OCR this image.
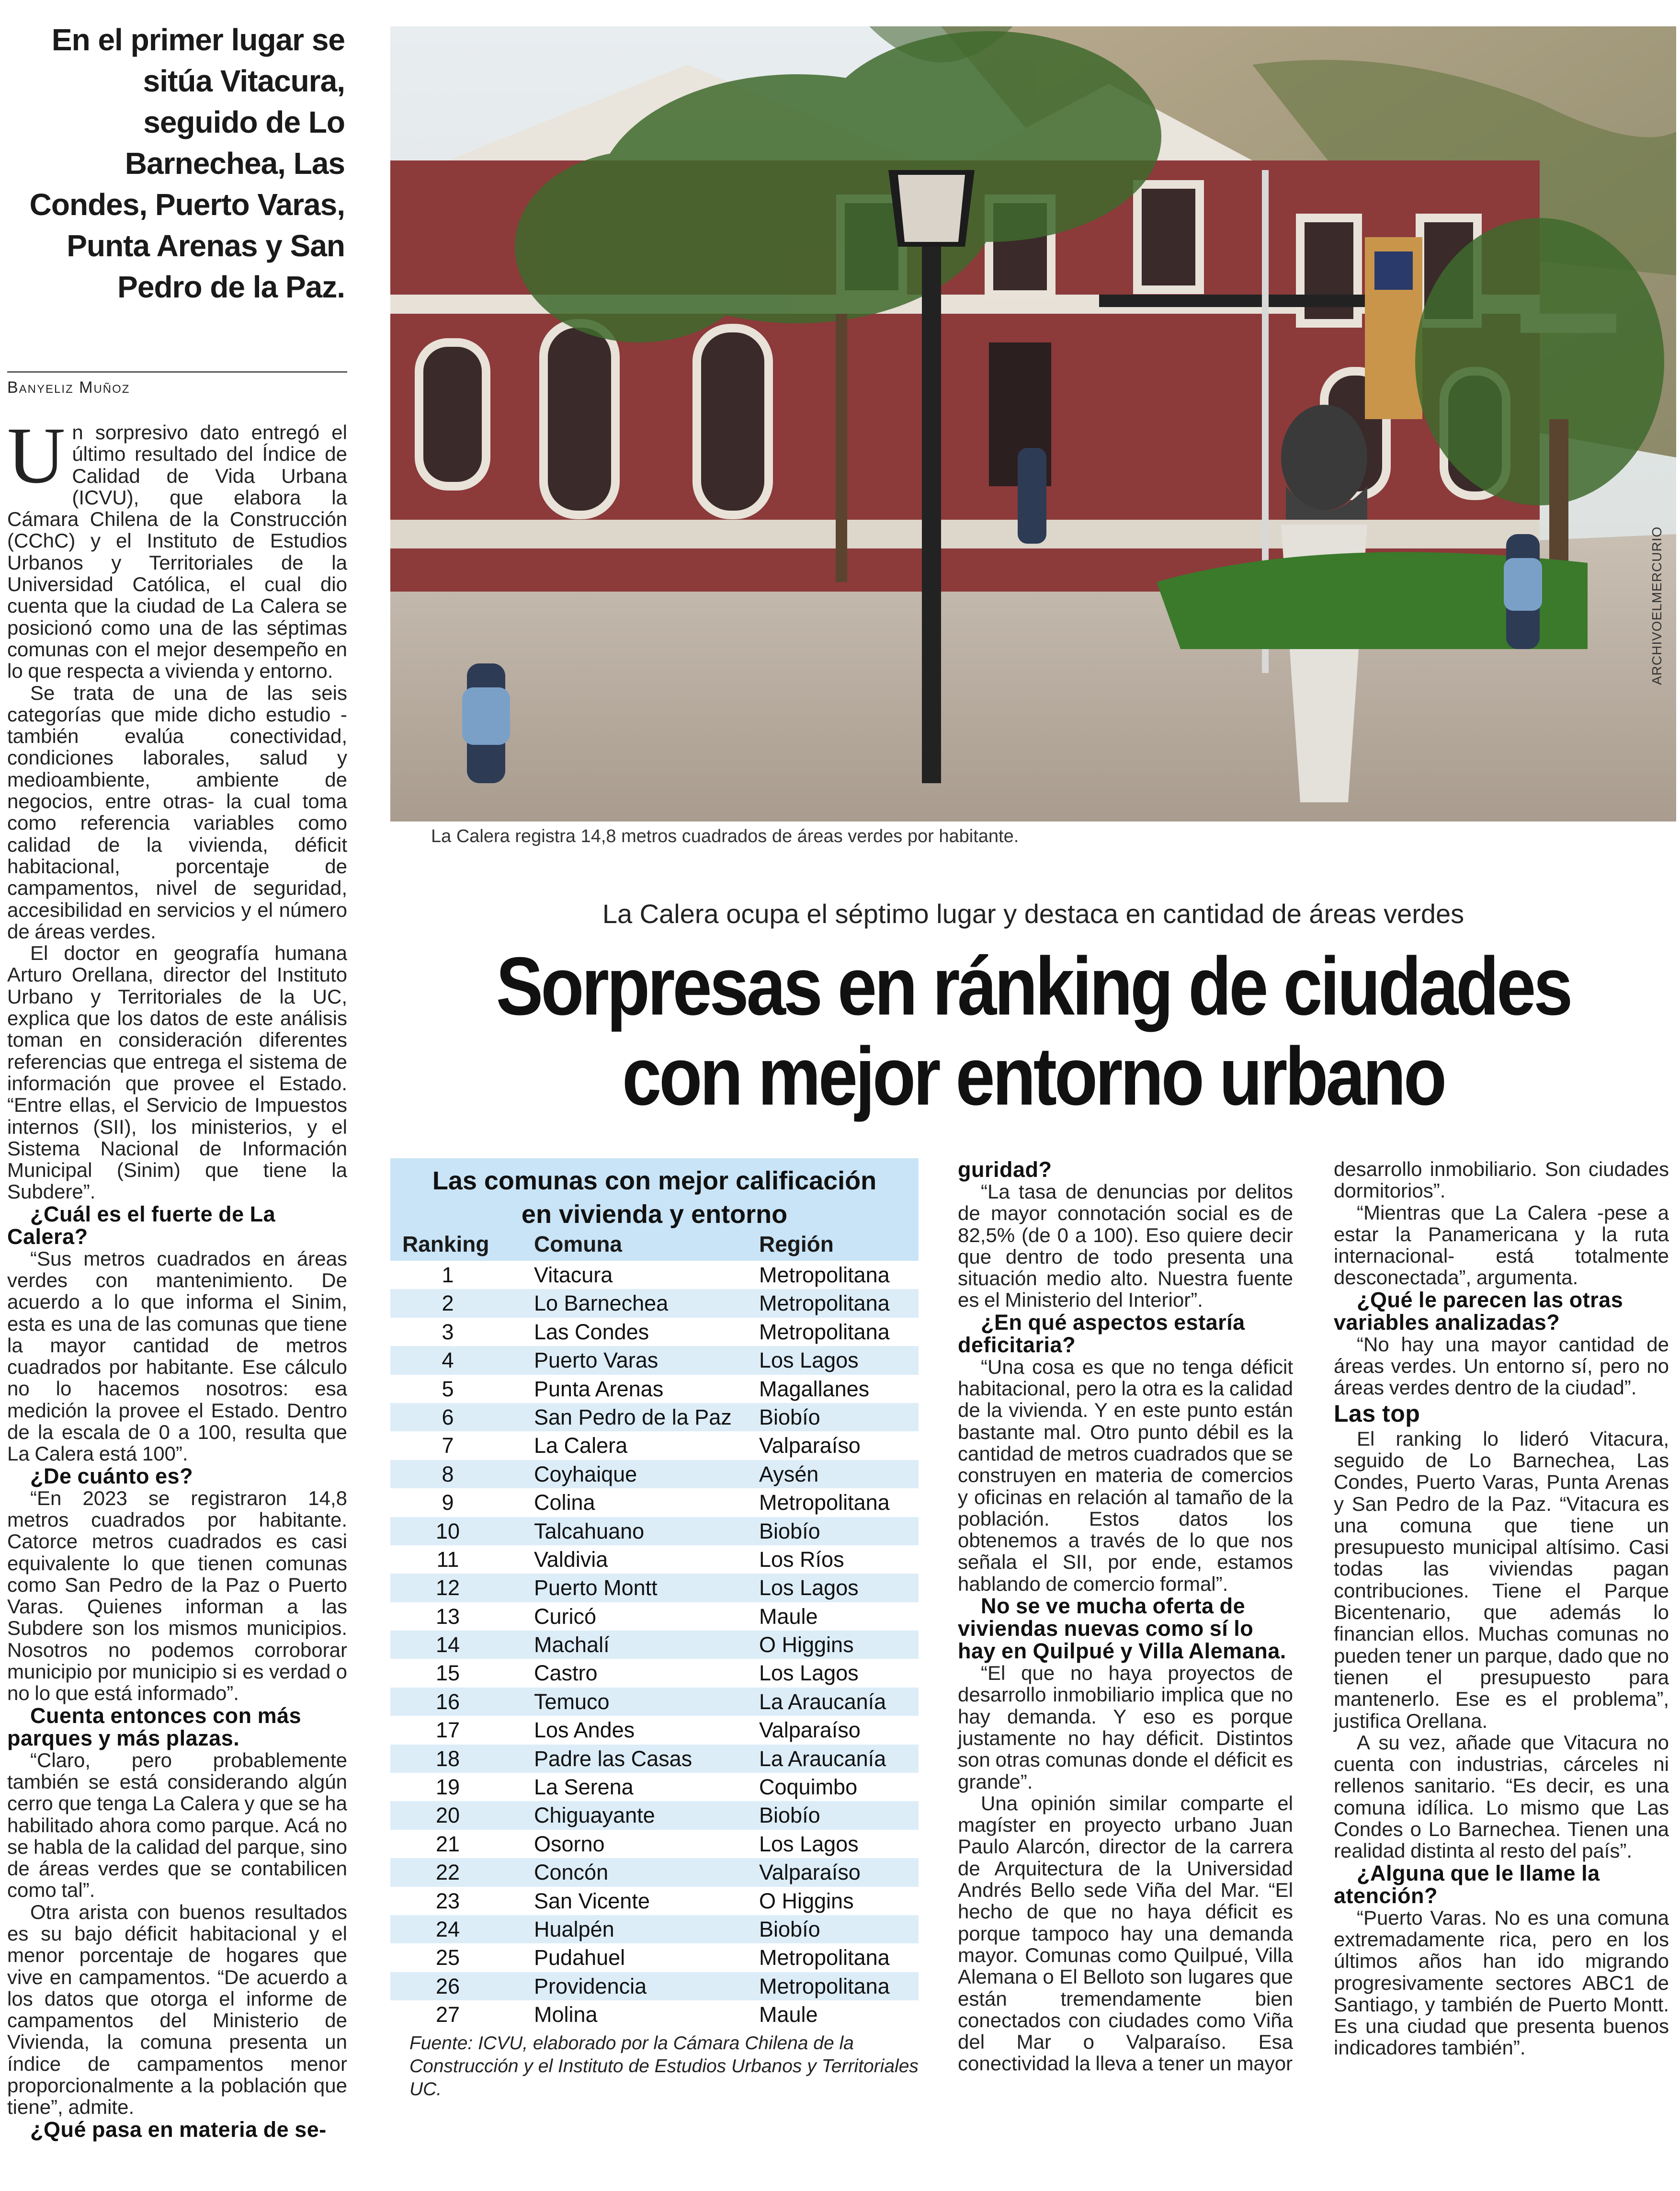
En el primer lugar se sitúa Vitacura, seguido de Lo Barnechea, Las Condes, Puerto Varas, Punta Arenas y San Pedro de la Paz.
Banyeliz Muñoz

Un sorpresivo dato entregó el último resultado del Índice de Calidad de Vida Urbana (ICVU), que elabora la Cámara Chilena de la Construcción (CChC) y el Instituto de Estudios Urbanos y Territoriales de la Universidad Católica, el cual dio cuenta que la ciudad de La Calera se posicionó como una de las séptimas comunas con el mejor desempeño en lo que respecta a vivienda y entorno.

Se trata de una de las seis categorías que mide dicho estudio -también evalúa conectividad, condiciones laborales, salud y medioambiente, ambiente de negocios, entre otras- la cual toma como referencia variables como calidad de la vivienda, déficit habitacional, porcentaje de campamentos, nivel de seguridad, accesibilidad en servicios y el número de áreas verdes.

El doctor en geografía humana Arturo Orellana, director del Instituto Urbano y Territoriales de la UC, explica que los datos de este análisis toman en consideración diferentes referencias que entrega el sistema de información que provee el Estado. “Entre ellas, el Servicio de Impuestos internos (SII), los ministerios, y el Sistema Nacional de Información Municipal (Sinim) que tiene la Subdere”.

¿Cuál es el fuerte de La Calera?

“Sus metros cuadrados en áreas verdes con mantenimiento. De acuerdo a lo que informa el Sinim, esta es una de las comunas que tiene la mayor cantidad de metros cuadrados por habitante. Ese cálculo no lo hacemos nosotros: esa medición la provee el Estado. Dentro de la escala de 0 a 100, resulta que La Calera está 100”.

¿De cuánto es?

“En 2023 se registraron 14,8 metros cuadrados por habitante. Catorce metros cuadrados es casi equivalente lo que tienen comunas como San Pedro de la Paz o Puerto Varas. Quienes informan a las Subdere son los mismos municipios. Nosotros no podemos corroborar municipio por municipio si es verdad o no lo que está informado”.

Cuenta entonces con más parques y más plazas.

“Claro, pero probablemente también se está considerando algún cerro que tenga La Calera y que se ha habilitado ahora como parque. Acá no se habla de la calidad del parque, sino de áreas verdes que se contabilicen como tal”.

Otra arista con buenos resultados es su bajo déficit habitacional y el menor porcentaje de hogares que vive en campamentos. “De acuerdo a los datos que otorga el informe de campamentos del Ministerio de Vivienda, la comuna presenta un índice de campamentos menor proporcionalmente a la población que tiene”, admite.

¿Qué pasa en materia de se-
ARCHIVOELMERCURIO
La Calera registra 14,8 metros cuadrados de áreas verdes por habitante.
La Calera ocupa el séptimo lugar y destaca en cantidad de áreas verdes
Sorpresas en ránking de ciudades
con mejor entorno urbano
Las comunas con mejor calificación
en vivienda y entorno
Ranking	Comuna	Región
1	Vitacura	Metropolitana
2	Lo Barnechea	Metropolitana
3	Las Condes	Metropolitana
4	Puerto Varas	Los Lagos
5	Punta Arenas	Magallanes
6	San Pedro de la Paz Biobío
7	La Calera	Valparaíso
8	Coyhaique	Aysén
9	Colina	Metropolitana
10	Talcahuano	Biobío
11	Valdivia	Los Ríos
12	Puerto Montt	Los Lagos
13	Curicó	Maule
14	Machalí	O Higgins
15	Castro	Los Lagos
16	Temuco	La Araucanía
17	Los Andes	Valparaíso
18	Padre las Casas	La Araucanía
19	La Serena	Coquimbo
20	Chiguayante	Biobío
21	Osorno	Los Lagos
22	Concón	Valparaíso
23	San Vicente	O Higgins
24	Hualpén	Biobío
25	Pudahuel	Metropolitana
26	Providencia	Metropolitana
27	Molina	Maule
Fuente: ICVU, elaborado por la Cámara Chilena de la Construcción y el Instituto de Estudios Urbanos y Territoriales UC.
guridad?

“La tasa de denuncias por delitos de mayor connotación social es de 82,5% (de 0 a 100). Eso quiere decir que dentro de todo presenta una situación medio alto. Nuestra fuente es el Ministerio del Interior”.

¿En qué aspectos estaría deficitaria?

“Una cosa es que no tenga déficit habitacional, pero la otra es la calidad de la vivienda. Y en este punto están bastante mal. Otro punto débil es la cantidad de metros cuadrados que se construyen en materia de comercios y oficinas en relación al tamaño de la población. Estos datos los obtenemos a través de lo que nos señala el SII, por ende, estamos hablando de comercio formal”.

No se ve mucha oferta de viviendas nuevas como sí lo hay en Quilpué y Villa Alemana.

“El que no haya proyectos de desarrollo inmobiliario implica que no hay demanda. Y eso es porque justamente no hay déficit. Distintos son otras comunas donde el déficit es grande”.

Una opinión similar comparte el magíster en proyecto urbano Juan Paulo Alarcón, director de la carrera de Arquitectura de la Universidad Andrés Bello sede Viña del Mar. “El hecho de que no haya déficit es porque tampoco hay una demanda mayor. Comunas como Quilpué, Villa Alemana o El Belloto son lugares que están tremendamente bien conectados con ciudades como Viña del Mar o Valparaíso. Esa conectividad la lleva a tener un mayor

desarrollo inmobiliario. Son ciudades dormitorios”.

“Mientras que La Calera -pese a estar la Panamericana y la ruta internacional- está totalmente desconectada”, argumenta.

¿Qué le parecen las otras variables analizadas?

“No hay una mayor cantidad de áreas verdes. Un entorno sí, pero no áreas verdes dentro de la ciudad”.

Las top

El ranking lo lideró Vitacura, seguido de Lo Barnechea, Las Condes, Puerto Varas, Punta Arenas y San Pedro de la Paz. “Vitacura es una comuna que tiene un presupuesto municipal altísimo. Casi todas las viviendas pagan contribuciones. Tiene el Parque Bicentenario, que además lo financian ellos. Muchas comunas no pueden tener un parque, dado que no tienen el presupuesto para mantenerlo. Ese es el problema”, justifica Orellana.

A su vez, añade que Vitacura no cuenta con industrias, cárceles ni rellenos sanitario. “Es decir, es una comuna idílica. Lo mismo que Las Condes o Lo Barnechea. Tienen una realidad distinta al resto del país”.

¿Alguna que le llame la atención?

“Puerto Varas. No es una comuna extremadamente rica, pero en los últimos años han ido migrando progresivamente sectores ABC1 de Santiago, y también de Puerto Montt. Es una ciudad que presenta buenos indicadores también”.
